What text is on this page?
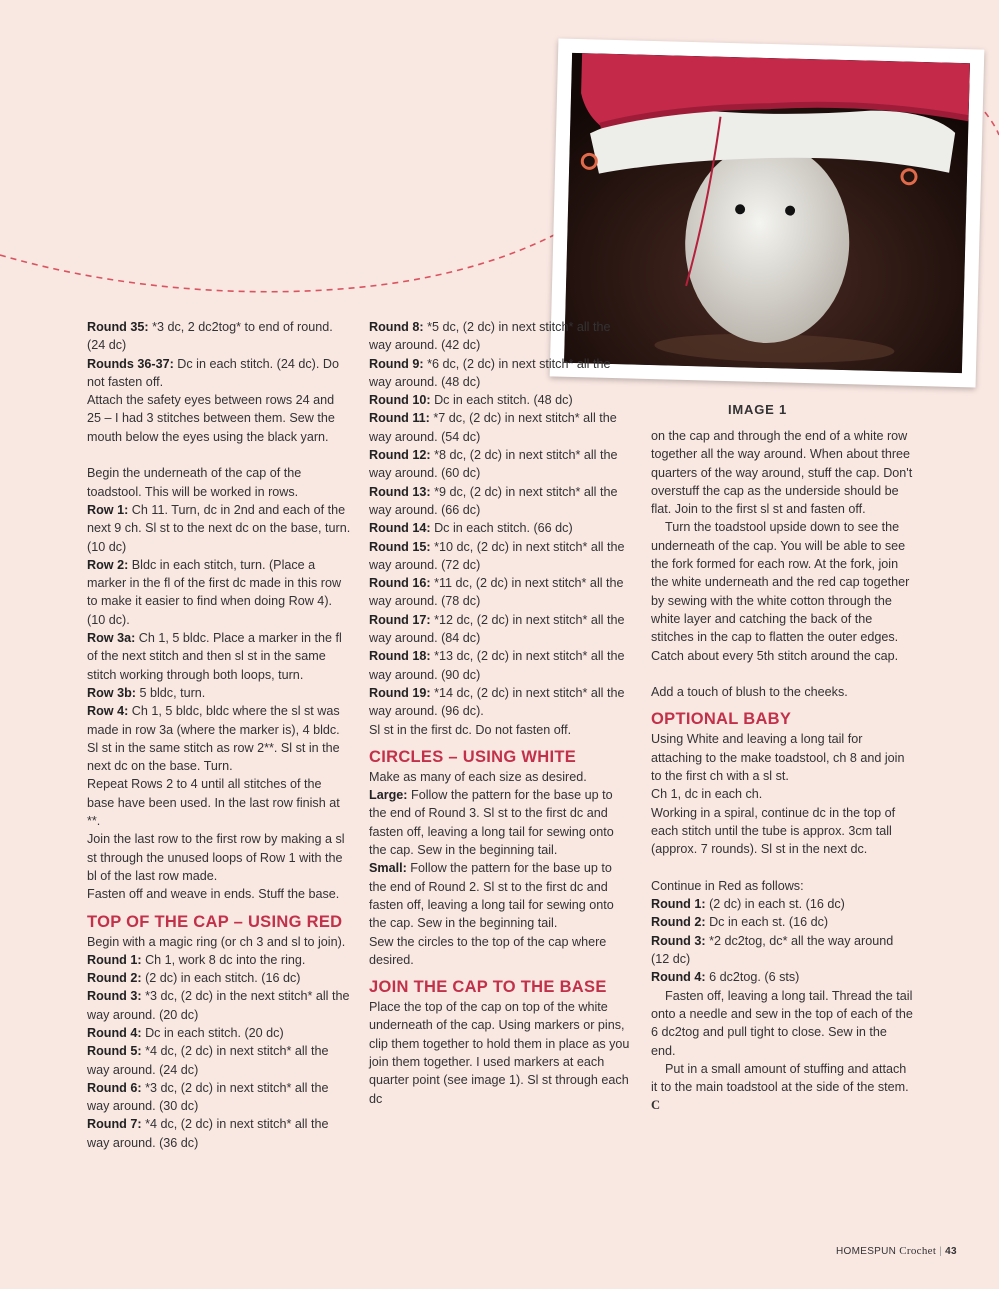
IMAGE 1

Round 35: *3 dc, 2 dc2tog* to end of round. (24 dc)

Rounds 36-37: Dc in each stitch. (24 dc). Do not fasten off.

Attach the safety eyes between rows 24 and 25 – I had 3 stitches between them. Sew the mouth below the eyes using the black yarn.

Begin the underneath of the cap of the toadstool. This will be worked in rows.

Row 1: Ch 11. Turn, dc in 2nd and each of the next 9 ch. Sl st to the next dc on the base, turn. (10 dc)

Row 2: Bldc in each stitch, turn. (Place a marker in the fl of the first dc made in this row to make it easier to find when doing Row 4). (10 dc).

Row 3a: Ch 1, 5 bldc. Place a marker in the fl of the next stitch and then sl st in the same stitch working through both loops, turn.

Row 3b: 5 bldc, turn.

Row 4: Ch 1, 5 bldc, bldc where the sl st was made in row 3a (where the marker is), 4 bldc. Sl st in the same stitch as row 2**. Sl st in the next dc on the base. Turn.

Repeat Rows 2 to 4 until all stitches of the base have been used. In the last row finish at **.

Join the last row to the first row by making a sl st through the unused loops of Row 1 with the bl of the last row made.

Fasten off and weave in ends. Stuff the base.

TOP OF THE CAP – USING RED

Begin with a magic ring (or ch 3 and sl to join).

Round 1: Ch 1, work 8 dc into the ring.

Round 2: (2 dc) in each stitch. (16 dc)

Round 3: *3 dc, (2 dc) in the next stitch* all the way around. (20 dc)

Round 4: Dc in each stitch. (20 dc)

Round 5: *4 dc, (2 dc) in next stitch* all the way around. (24 dc)

Round 6: *3 dc, (2 dc) in next stitch* all the way around. (30 dc)

Round 7: *4 dc, (2 dc) in next stitch* all the way around. (36 dc)

Round 8: *5 dc, (2 dc) in next stitch* all the way around. (42 dc)

Round 9: *6 dc, (2 dc) in next stitch* all the way around. (48 dc)

Round 10: Dc in each stitch. (48 dc)

Round 11: *7 dc, (2 dc) in next stitch* all the way around. (54 dc)

Round 12: *8 dc, (2 dc) in next stitch* all the way around. (60 dc)

Round 13: *9 dc, (2 dc) in next stitch* all the way around. (66 dc)

Round 14: Dc in each stitch. (66 dc)

Round 15: *10 dc, (2 dc) in next stitch* all the way around. (72 dc)

Round 16: *11 dc, (2 dc) in next stitch* all the way around. (78 dc)

Round 17: *12 dc, (2 dc) in next stitch* all the way around. (84 dc)

Round 18: *13 dc, (2 dc) in next stitch* all the way around. (90 dc)

Round 19: *14 dc, (2 dc) in next stitch* all the way around. (96 dc).

Sl st in the first dc. Do not fasten off.

CIRCLES – USING WHITE

Make as many of each size as desired.

Large: Follow the pattern for the base up to the end of Round 3. Sl st to the first dc and fasten off, leaving a long tail for sewing onto the cap. Sew in the beginning tail.

Small: Follow the pattern for the base up to the end of Round 2. Sl st to the first dc and fasten off, leaving a long tail for sewing onto the cap. Sew in the beginning tail.

Sew the circles to the top of the cap where desired.

JOIN THE CAP TO THE BASE

Place the top of the cap on top of the white underneath of the cap. Using markers or pins, clip them together to hold them in place as you join them together. I used markers at each quarter point (see image 1). Sl st through each dc

on the cap and through the end of a white row together all the way around. When about three quarters of the way around, stuff the cap. Don't overstuff the cap as the underside should be flat. Join to the first sl st and fasten off.

Turn the toadstool upside down to see the underneath of the cap. You will be able to see the fork formed for each row. At the fork, join the white underneath and the red cap together by sewing with the white cotton through the white layer and catching the back of the stitches in the cap to flatten the outer edges. Catch about every 5th stitch around the cap.

Add a touch of blush to the cheeks.

OPTIONAL BABY

Using White and leaving a long tail for attaching to the make toadstool, ch 8 and join to the first ch with a sl st.

Ch 1, dc in each ch.

Working in a spiral, continue dc in the top of each stitch until the tube is approx. 3cm tall (approx. 7 rounds). Sl st in the next dc.

Continue in Red as follows:

Round 1: (2 dc) in each st. (16 dc)

Round 2: Dc in each st. (16 dc)

Round 3: *2 dc2tog, dc* all the way around (12 dc)

Round 4: 6 dc2tog. (6 sts)

Fasten off, leaving a long tail. Thread the tail onto a needle and sew in the top of each of the 6 dc2tog and pull tight to close. Sew in the end.

Put in a small amount of stuffing and attach it to the main toadstool at the side of the stem. C

HOMESPUN Crochet | 43
